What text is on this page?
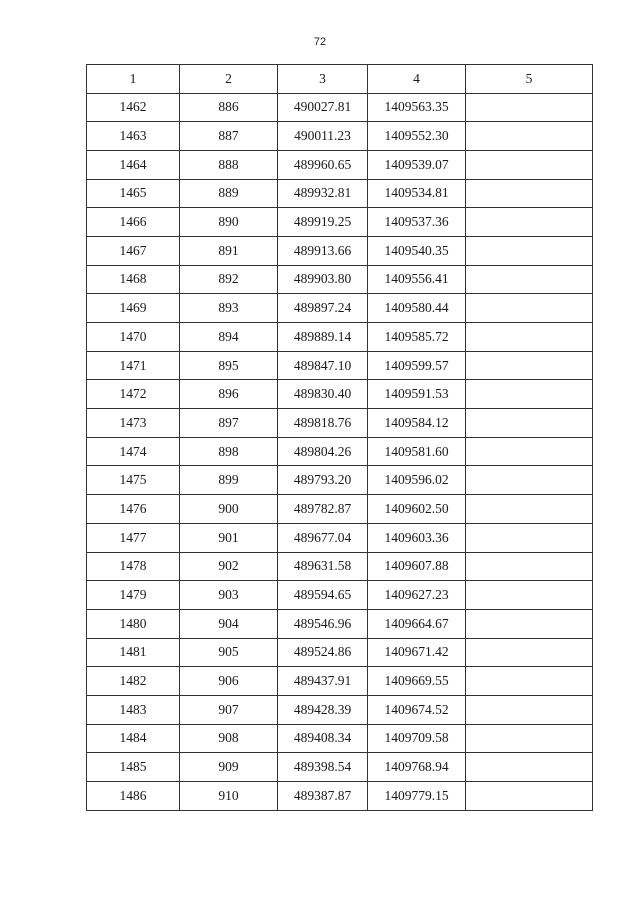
72
1	2	3	4	5
1462	886	490027.81	1409563.35	
1463	887	490011.23	1409552.30	
1464	888	489960.65	1409539.07	
1465	889	489932.81	1409534.81	
1466	890	489919.25	1409537.36	
1467	891	489913.66	1409540.35	
1468	892	489903.80	1409556.41	
1469	893	489897.24	1409580.44	
1470	894	489889.14	1409585.72	
1471	895	489847.10	1409599.57	
1472	896	489830.40	1409591.53	
1473	897	489818.76	1409584.12	
1474	898	489804.26	1409581.60	
1475	899	489793.20	1409596.02	
1476	900	489782.87	1409602.50	
1477	901	489677.04	1409603.36	
1478	902	489631.58	1409607.88	
1479	903	489594.65	1409627.23	
1480	904	489546.96	1409664.67	
1481	905	489524.86	1409671.42	
1482	906	489437.91	1409669.55	
1483	907	489428.39	1409674.52	
1484	908	489408.34	1409709.58	
1485	909	489398.54	1409768.94	
1486	910	489387.87	1409779.15	
